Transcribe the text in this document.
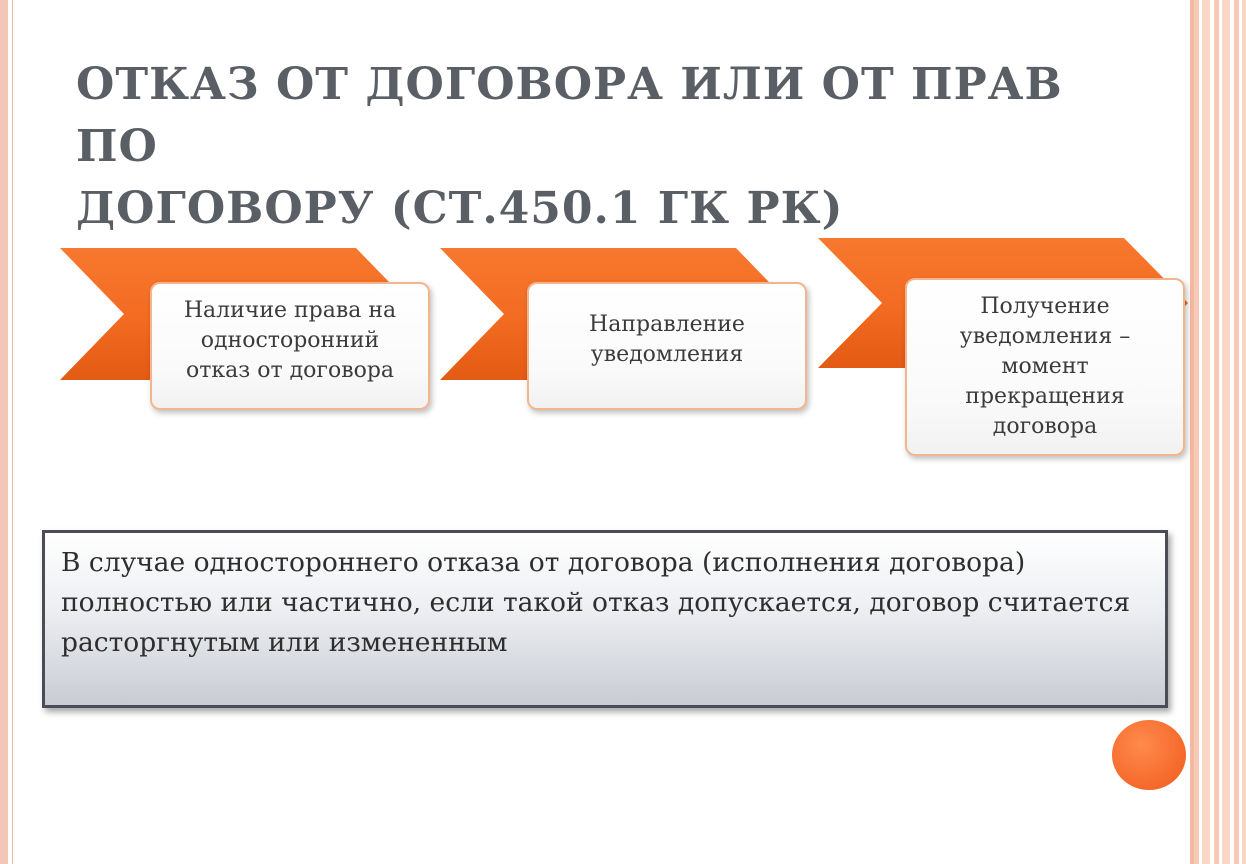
ОТКАЗ ОТ ДОГОВОРА ИЛИ ОТ ПРАВ ПО
ДОГОВОРУ (СТ.450.1 ГК РК)
Наличие права на односторонний отказ от договора
Направление уведомления
Получение уведомления – момент прекращения договора
В случае одностороннего отказа от договора (исполнения договора) полностью или частично, если такой отказ допускается, договор считается расторгнутым или измененным
